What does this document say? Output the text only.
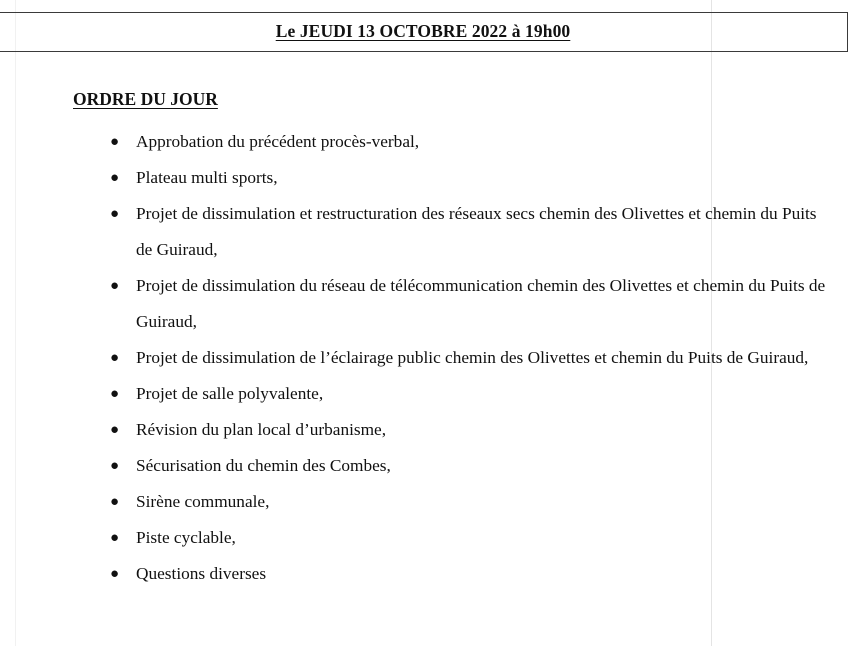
Le JEUDI 13 OCTOBRE 2022 à 19h00
ORDRE DU JOUR
● Approbation du précédent procès-verbal,
● Plateau multi sports,
● Projet de dissimulation et restructuration des réseaux secs chemin des Olivettes et chemin du Puits de Guiraud,
● Projet de dissimulation du réseau de télécommunication chemin des Olivettes et chemin du Puits de Guiraud,
● Projet de dissimulation de l’éclairage public chemin des Olivettes et chemin du Puits de Guiraud,
● Projet de salle polyvalente,
● Révision du plan local d’urbanisme,
● Sécurisation du chemin des Combes,
● Sirène communale,
● Piste cyclable,
● Questions diverses
